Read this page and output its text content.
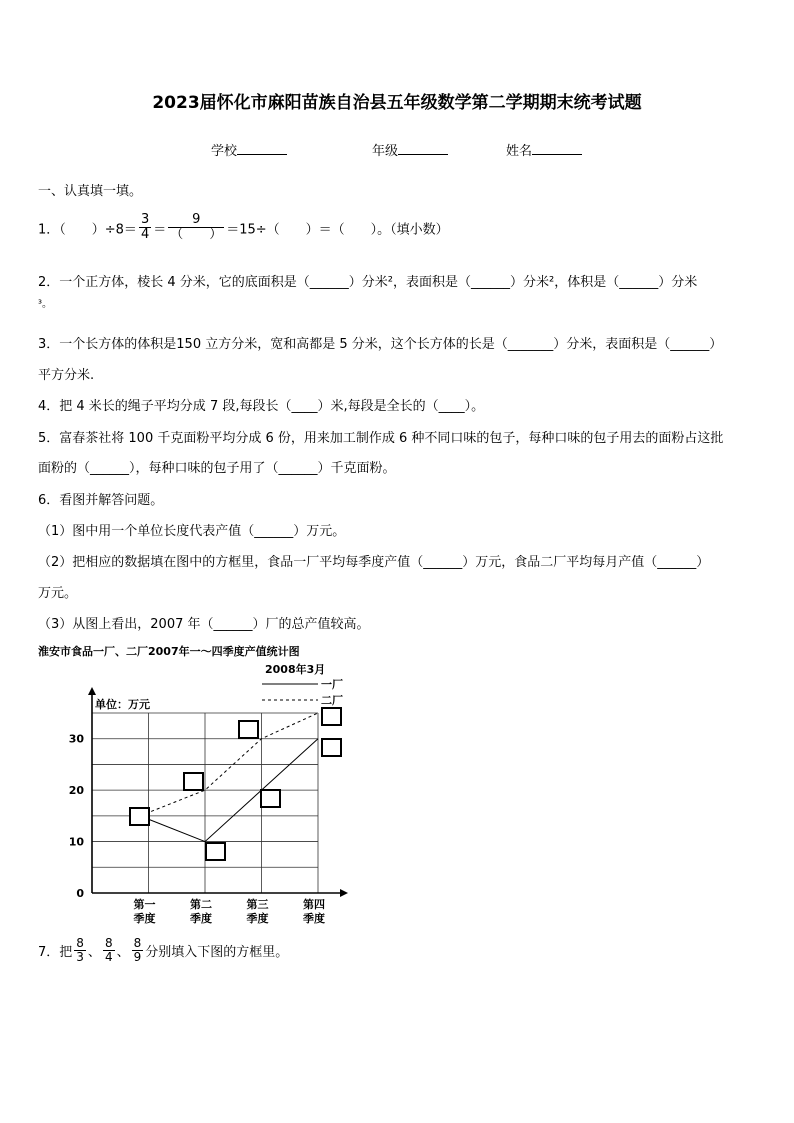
2023届怀化市麻阳苗族自治县五年级数学第二学期期末统考试题
学校	年级	姓名
一、认真填一填。
1．（　　）$\div 8= \frac{3}{4} = \frac{9}{( )} =15\div$（　　）＝（　　）。（填小数）
2．一个正方体，棱长 4 分米，它的底面积是（______）分米²，表面积是（______）分米²，体积是（______）分米
³。
3．一个长方体的体积是150 立方分米，宽和高都是 5 分米，这个长方体的长是（_______）分米，表面积是（______）
平方分米.
4．把 4 米长的绳子平均分成 7 段,每段长（____）米,每段是全长的（____）。
5．富春茶社将 100 千克面粉平均分成 6 份，用来加工制作成 6 种不同口味的包子，每种口味的包子用去的面粉占这批
面粉的（______），每种口味的包子用了（______）千克面粉。
6．看图并解答问题。
（1）图中用一个单位长度代表产值（______）万元。
（2）把相应的数据填在图中的方框里，食品一厂平均每季度产值（______）万元，食品二厂平均每月产值（______）
万元。
（3）从图上看出，2007 年（______）厂的总产值较高。
淮安市食品一厂、二厂2007年一～四季度产值统计图
2008年3月
一厂
二厂
单位：万元
0
10
20
30
第一
季度
第二
季度
第三
季度
第四
季度
7．把 $\frac{8}{3}$ 、 $\frac{8}{4}$ 、 $\frac{8}{9}$ 分别填入下图的方框里。
